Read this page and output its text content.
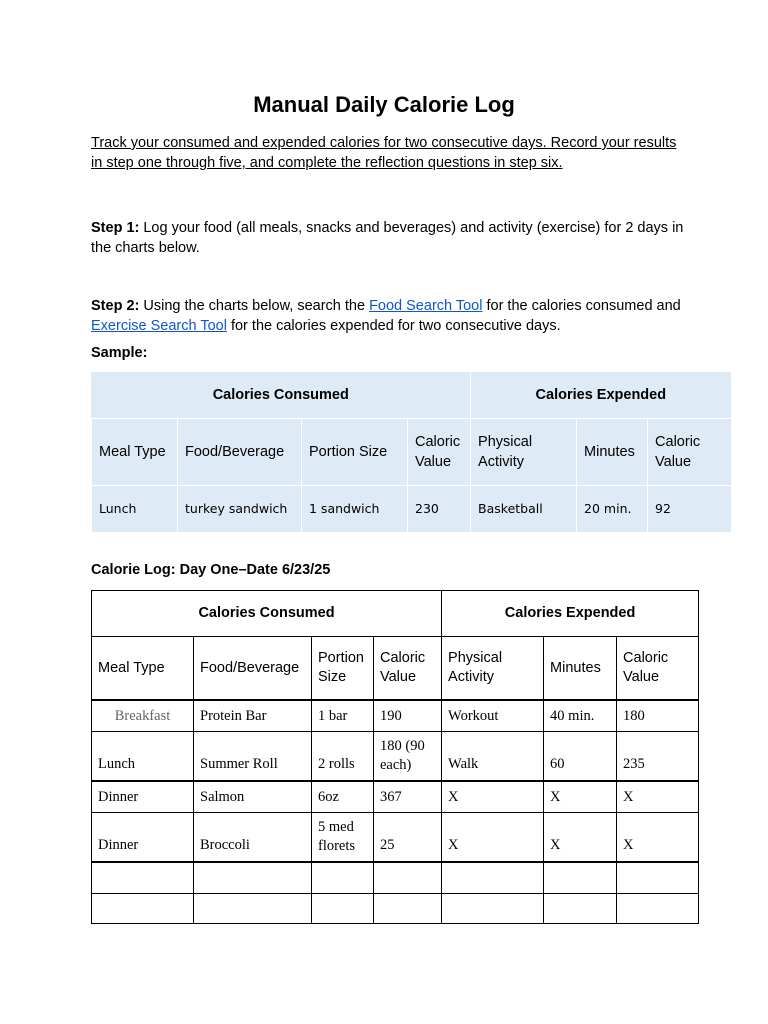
Manual Daily Calorie Log
Track your consumed and expended calories for two consecutive days. Record your results in step one through five, and complete the reflection questions in step six.
Step 1: Log your food (all meals, snacks and beverages) and activity (exercise) for 2 days in the charts below.
Step 2: Using the charts below, search the Food Search Tool for the calories consumed and Exercise Search Tool for the calories expended for two consecutive days.
Sample:
Calories Consumed				Calories Expended		
Meal Type	Food/Beverage	Portion Size	Caloric Value	Physical Activity	Minutes	Caloric Value
Lunch	turkey sandwich	1 sandwich	230	Basketball	20 min.	92
Calorie Log: Day One–Date 6/23/25
Calories Consumed				Calories Expended		
Meal Type	Food/Beverage	Portion Size	Caloric Value	Physical Activity	Minutes	Caloric Value
Breakfast	Protein Bar	1 bar	190	Workout	40 min.	180
Lunch	Summer Roll	2 rolls	180 (90 each)	Walk	60	235
Dinner	Salmon	6oz	367	X	X	X
Dinner	Broccoli	5 med florets	25	X	X	X
